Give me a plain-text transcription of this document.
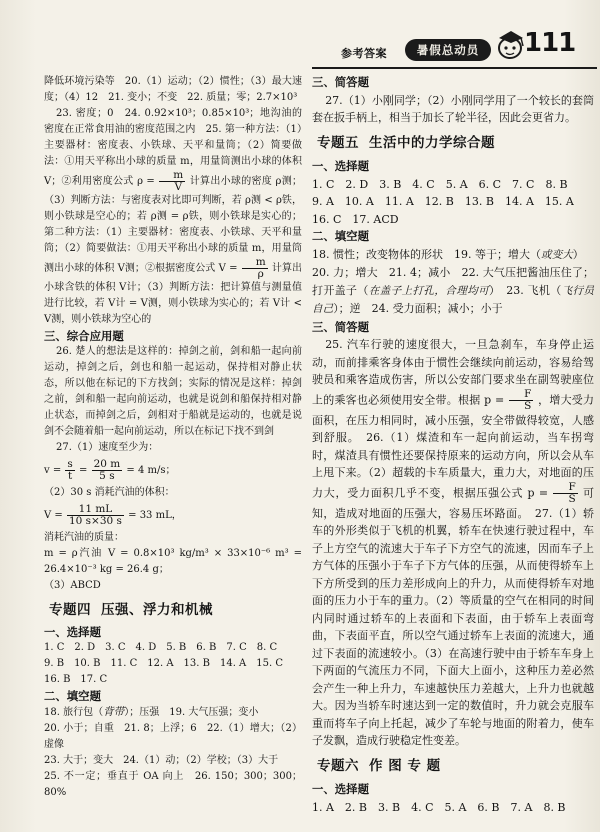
参考答案	暑假总动员	111

降低环境污染等　20.（1）运动；（2）惯性；（3）最大速度；（4）12　21. 变小；不变　22. 质量；零；2.7×10³

23. 密度；0　24. 0.92×10³；0.85×10³；地沟油的密度在正常食用油的密度范围之内　25. 第一种方法：（1）主要器材：密度表、小铁球、天平和量筒；（2）简要做法：①用天平称出小球的质量 m，用量筒测出小球的体积 V；②利用密度公式 $\rho = \frac{m}{V}$ 计算出小球的密度 ρ测；（3）判断方法：与密度表对比即可判断，若 ρ测 < ρ铁，则小铁球是空心的；若 ρ测 = ρ铁，则小铁球是实心的；第二种方法：（1）主要器材：密度表、小铁球、天平和量筒；（2）简要做法：①用天平称出小球的质量 m，用量筒测出小球的体积 V测；②根据密度公式 $V = \frac{m}{\rho}$ 计算出小球含铁的体积 V计；（3）判断方法：把计算值与测量值进行比较，若 V计 = V测，则小铁球为实心的；若 V计 < V测，则小铁球为空心的

三、综合应用题

26. 楚人的想法是这样的：掉剑之前，剑和船一起向前运动，掉剑之后，剑也和船一起运动，保持相对静止状态，所以他在标记的下方找剑；实际的情况是这样：掉剑之前，剑和船一起向前运动，也就是说剑和船保持相对静止状态，而掉剑之后，剑相对于船就是运动的，也就是说剑不会随着船一起向前运动，所以在标记下找不到剑

27.（1）速度至少为：

$v = \frac{s}{t} = \frac{20 m}{5 s} = 4$ m/s；

（2）30 s 消耗汽油的体积：

$V = \frac{11 mL}{10 s\times 30 s} = 33$ mL，

消耗汽油的质量：

m = ρ汽油 V = 0.8×10³ kg/m³ × 33×10⁻⁶ m³ = 26.4×10⁻³ kg = 26.4 g；

（3）ABCD

专题四 压强、浮力和机械

一、选择题

1. C　2. D　3. C　4. D　5. B　6. B　7. C　8. C

9. B　10. B　11. C　12. A　13. B　14. A　15. C

16. B　17. C

二、填空题

18. 旅行包（背带）；压强　19. 大气压强；变小

20. 小于；自重　21. 8；上浮；6　22.（1）增大；（2）虚像

23. 大于；变大　24.（1）动；（2）学校；（3）大于

25. 不一定；垂直于 OA 向上　26. 150；300；300；80%

三、简答题

27.（1）小刚同学；（2）小刚同学用了一个较长的套筒套在扳手柄上，相当于加长了轮半径，因此会更省力。

专题五 生活中的力学综合题

一、选择题

1. C　2. D　3. B　4. C　5. A　6. C　7. C　8. B

9. A　10. A　11. A　12. B　13. B　14. A　15. A

16. C　17. ACD

二、填空题

18. 惯性；改变物体的形状　19. 等于；增大（或变大）

20. 力；增大　21. 4；减小　22. 大气压把酱油压住了；打开盖子（在盖子上打孔，合理均可）　23. 飞机（飞行员自己）；逆　24. 受力面积；减小；小于

三、简答题

25. 汽车行驶的速度很大，一旦急刹车，车身停止运动，而前排乘客身体由于惯性会继续向前运动，容易给驾驶员和乘客造成伤害，所以公安部门要求坐在副驾驶座位上的乘客也必须使用安全带。根据 $p = \frac{F}{S}$ ，增大受力面积，在压力相同时，减小压强，安全带做得较宽，人感到舒服。　26.（1）煤渣和车一起向前运动，当车拐弯时，煤渣具有惯性还要保持原来的运动方向，所以会从车上甩下来。（2）超载的卡车质量大，重力大，对地面的压力大，受力面积几乎不变，根据压强公式 $p = \frac{F}{S}$ 可知，造成对地面的压强大，容易压坏路面。　27.（1）轿车的外形类似于飞机的机翼，轿车在快速行驶过程中，车子上方空气的流速大于车子下方空气的流速，因而车子上方气体的压强小于车子下方气体的压强，从而使得轿车上下方所受到的压力差形成向上的升力，从而使得轿车对地面的压力小于车的重力。（2）等质量的空气在相同的时间内同时通过轿车的上表面和下表面，由于轿车上表面弯曲，下表面平直，所以空气通过轿车上表面的流速大，通过下表面的流速较小。（3）在高速行驶中由于轿车车身上下两面的气流压力不同，下面大上面小，这种压力差必然会产生一种上升力，车速越快压力差越大，上升力也就越大。因为当轿车时速达到一定的数值时，升力就会克服车重而将车子向上托起，减少了车轮与地面的附着力，使车子发飘，造成行驶稳定性变差。

专题六 作 图 专 题

一、选择题

1. A　2. B　3. B　4. C　5. A　6. B　7. A　8. B
